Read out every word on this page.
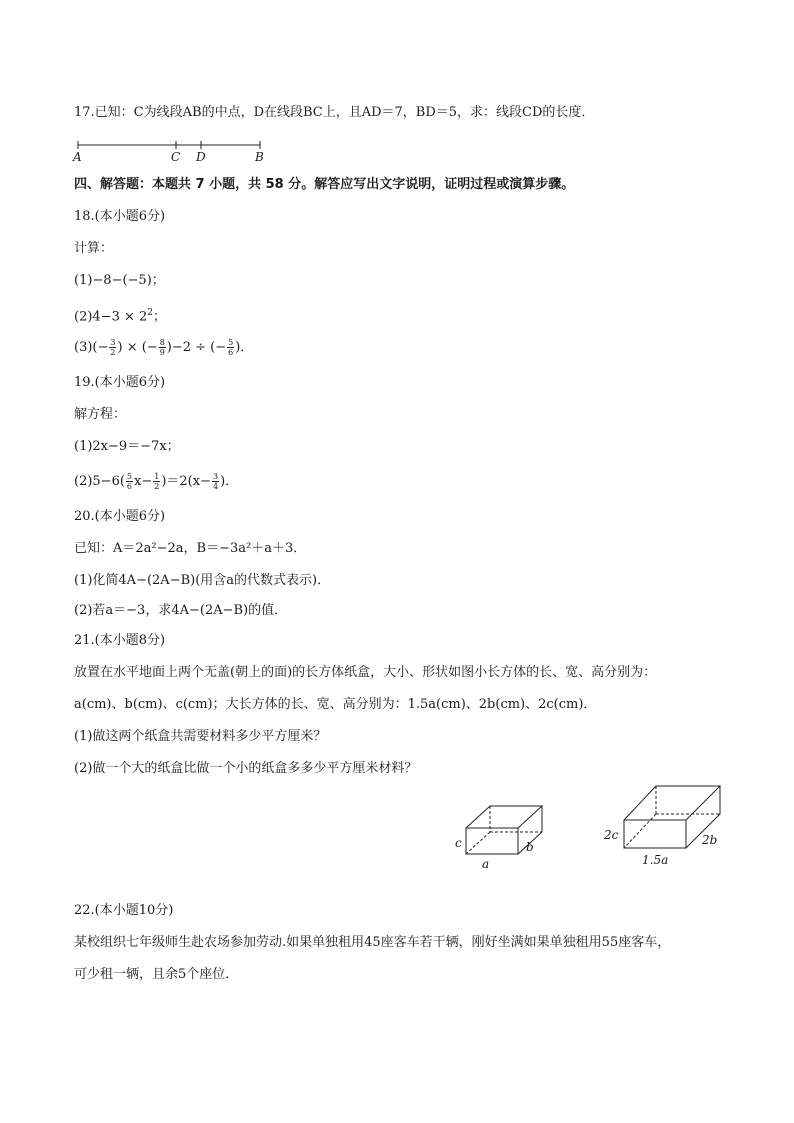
17.已知：C为线段AB的中点，D在线段BC上，且AD＝7，BD＝5，求：线段CD的长度．
A	C D	B
四、解答题：本题共 7 小题，共 58 分。解答应写出文字说明，证明过程或演算步骤。
18.(本小题6分)
计算：
(1)−8−(−5)；
$(2)4-3 \times 2^2$；
$(3)(- \frac{3}{2}$ ) × (− $\frac{8}{9} )-2$ ÷ (− $\frac{5}{6}$ )．
19.(本小题6分)
解方程：
(1)2x−9＝−7x；
$(2)5-6( \frac{5}{6} x- \frac{1}{2} )=2(x- \frac{3}{4}$ )．
20.(本小题6分)
已知：A＝2a²−2a，B＝−3a²＋a＋3．
(1)化简4A−(2A−B)(用含a的代数式表示)．
(2)若a＝−3，求4A−(2A−B)的值．
21.(本小题8分)
放置在水平地面上两个无盖(朝上的面)的长方体纸盒，大小、形状如图小长方体的长、宽、高分别为：
a(cm)、b(cm)、c(cm)；大长方体的长、宽、高分别为：1.5a(cm)、2b(cm)、2c(cm)．
(1)做这两个纸盒共需要材料多少平方厘米？
(2)做一个大的纸盒比做一个小的纸盒多多少平方厘米材料？
c
a
b
2c
1.5a
2b
22.(本小题10分)
某校组织七年级师生赴农场参加劳动.如果单独租用45座客车若干辆，刚好坐满如果单独租用55座客车，
可少租一辆，且余5个座位．
